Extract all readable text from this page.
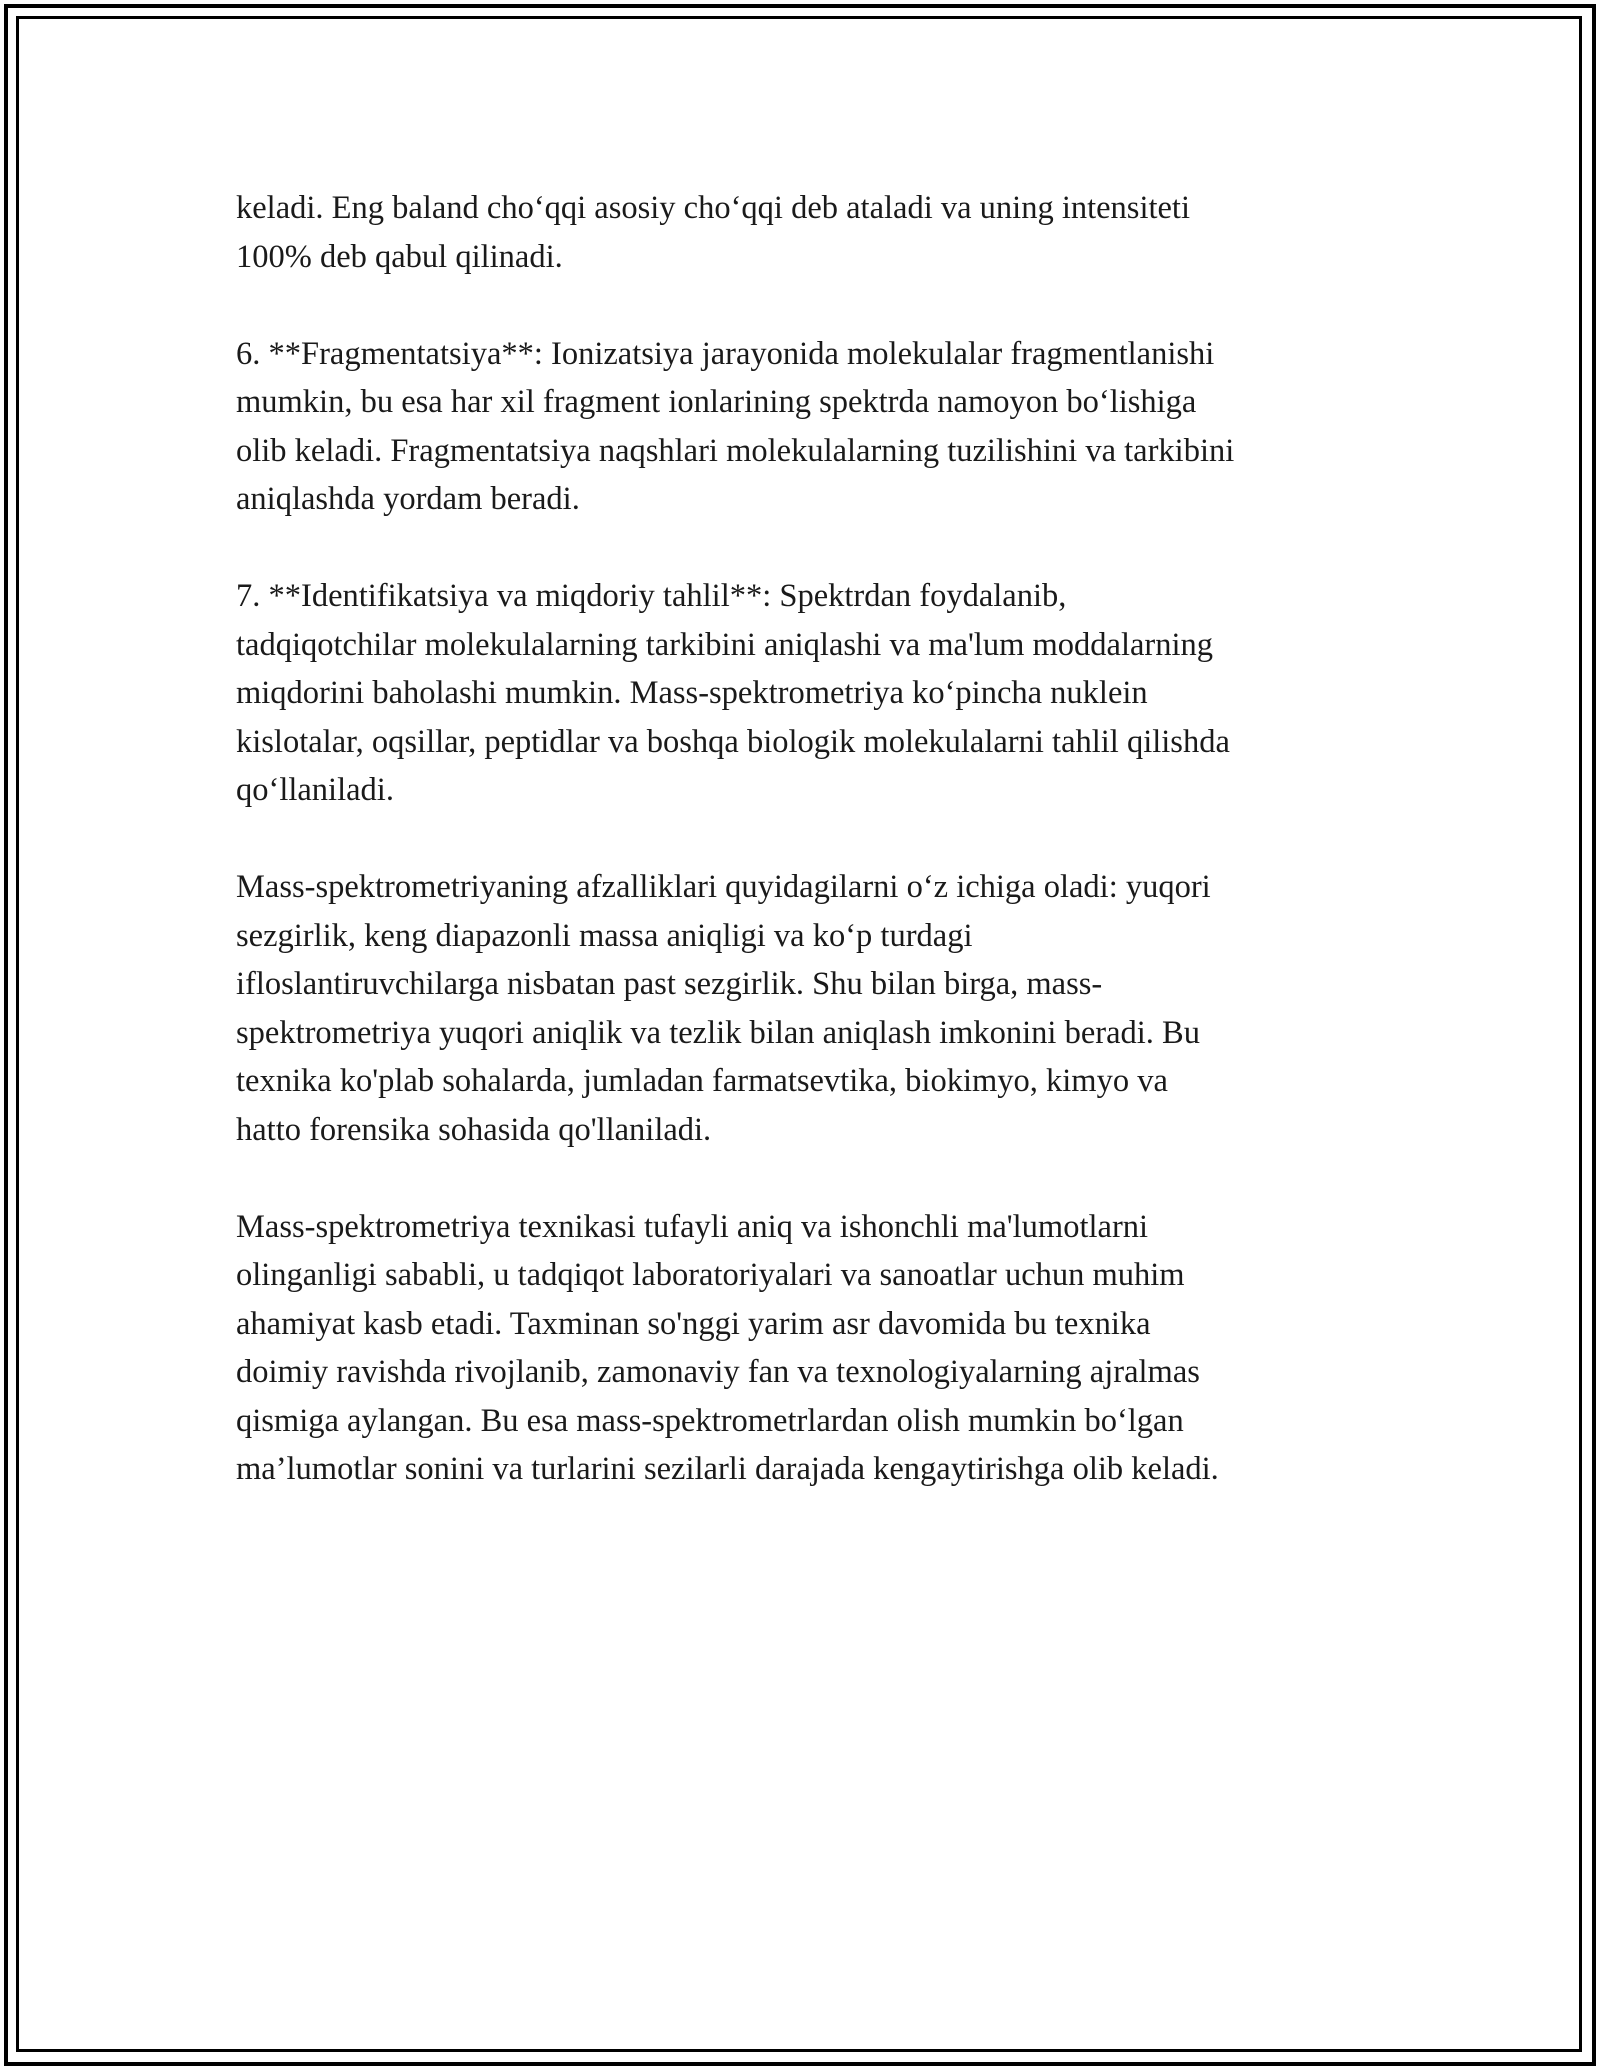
keladi. Eng baland cho‘qqi asosiy cho‘qqi deb ataladi va uning intensiteti
100% deb qabul qilinadi.

6. **Fragmentatsiya**: Ionizatsiya jarayonida molekulalar fragmentlanishi
mumkin, bu esa har xil fragment ionlarining spektrda namoyon bo‘lishiga
olib keladi. Fragmentatsiya naqshlari molekulalarning tuzilishini va tarkibini
aniqlashda yordam beradi.

7. **Identifikatsiya va miqdoriy tahlil**: Spektrdan foydalanib,
tadqiqotchilar molekulalarning tarkibini aniqlashi va ma'lum moddalarning
miqdorini baholashi mumkin. Mass-spektrometriya ko‘pincha nuklein
kislotalar, oqsillar, peptidlar va boshqa biologik molekulalarni tahlil qilishda
qo‘llaniladi.

Mass-spektrometriyaning afzalliklari quyidagilarni o‘z ichiga oladi: yuqori
sezgirlik, keng diapazonli massa aniqligi va ko‘p turdagi
ifloslantiruvchilarga nisbatan past sezgirlik. Shu bilan birga, mass-
spektrometriya yuqori aniqlik va tezlik bilan aniqlash imkonini beradi. Bu
texnika ko'plab sohalarda, jumladan farmatsevtika, biokimyo, kimyo va
hatto forensika sohasida qo'llaniladi.

Mass-spektrometriya texnikasi tufayli aniq va ishonchli ma'lumotlarni
olinganligi sababli, u tadqiqot laboratoriyalari va sanoatlar uchun muhim
ahamiyat kasb etadi. Taxminan so'nggi yarim asr davomida bu texnika
doimiy ravishda rivojlanib, zamonaviy fan va texnologiyalarning ajralmas
qismiga aylangan. Bu esa mass-spektrometrlardan olish mumkin bo‘lgan
ma’lumotlar sonini va turlarini sezilarli darajada kengaytirishga olib keladi.
